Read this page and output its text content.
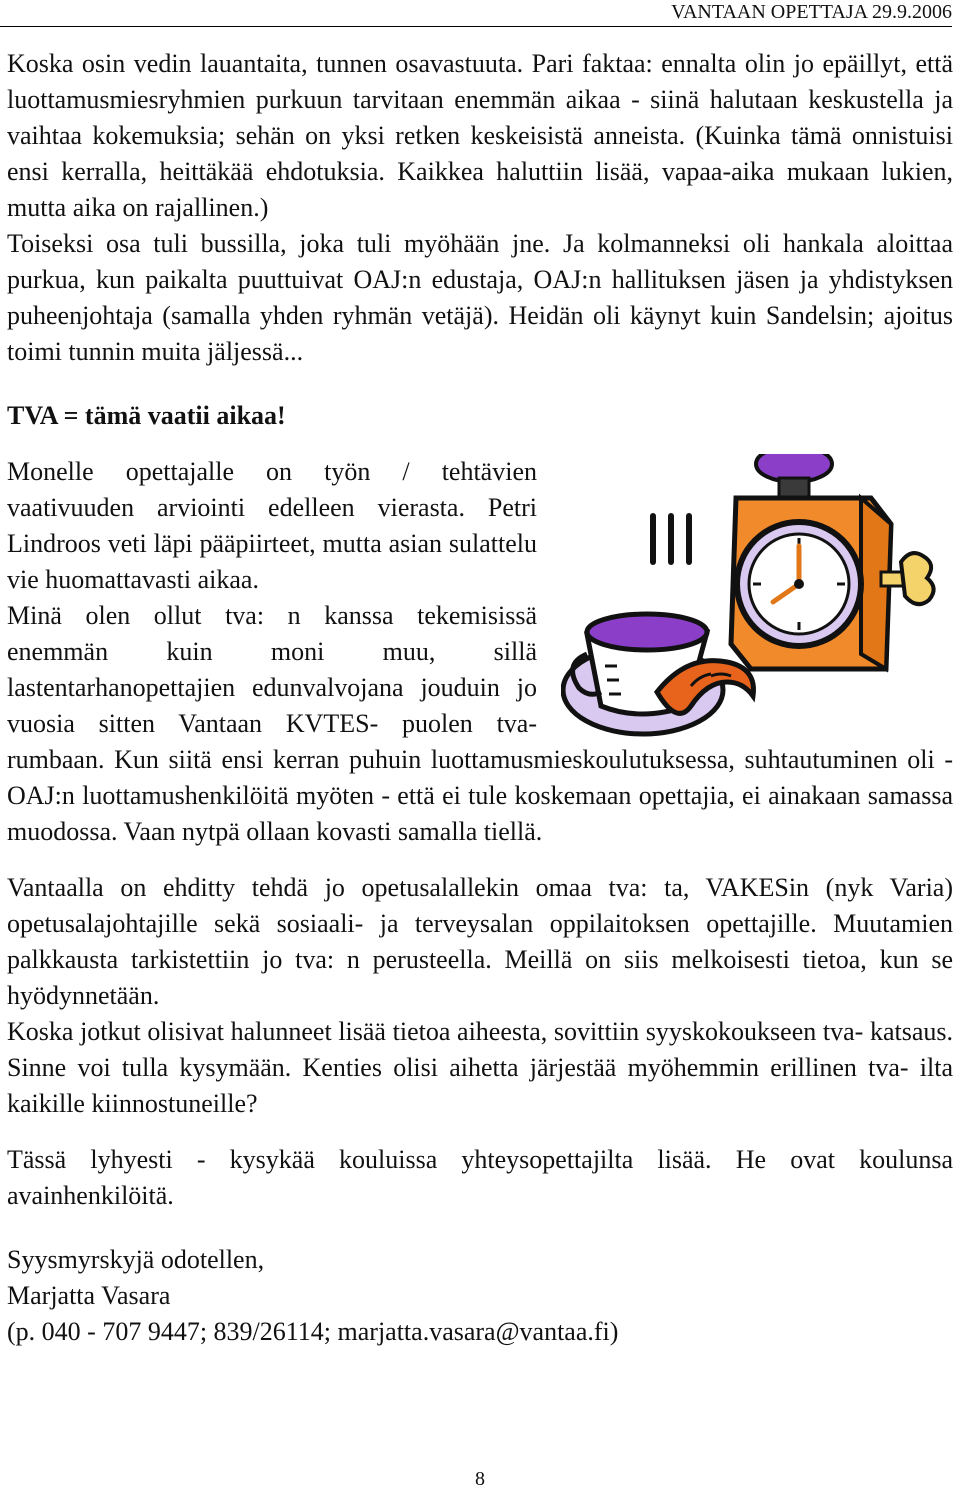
VANTAAN OPETTAJA 29.9.2006

Koska osin vedin lauantaita, tunnen osavastuuta. Pari faktaa: ennalta olin jo epäillyt, että luottamusmiesryhmien purkuun tarvitaan enemmän aikaa - siinä halutaan keskustella ja vaihtaa kokemuksia; sehän on yksi retken keskeisistä anneista. (Kuinka tämä onnistuisi ensi kerralla, heittäkää ehdotuksia. Kaikkea haluttiin lisää, vapaa-aika mukaan lukien, mutta aika on rajallinen.)

Toiseksi osa tuli bussilla, joka tuli myöhään jne. Ja kolmanneksi oli hankala aloittaa purkua, kun paikalta puuttuivat OAJ:n edustaja, OAJ:n hallituksen jäsen ja yhdistyksen puheenjohtaja (samalla yhden ryhmän vetäjä). Heidän oli käynyt kuin Sandelsin; ajoitus toimi tunnin muita jäljessä...

TVA = tämä vaatii aikaa!

Monelle opettajalle on työn / tehtävien vaativuuden arviointi edelleen vierasta. Petri Lindroos veti läpi pääpiirteet, mutta asian sulattelu vie huomattavasti aikaa.

Minä olen ollut tva: n kanssa tekemisissä enemmän kuin moni muu, sillä lastentarhanopettajien edunvalvojana jouduin jo vuosia sitten Vantaan KVTES- puolen tva- rumbaan. Kun siitä ensi kerran puhuin luottamusmieskoulutuksessa, suhtautuminen oli - OAJ:n luottamushenkilöitä myöten - että ei tule koskemaan opettajia, ei ainakaan samassa muodossa. Vaan nytpä ollaan kovasti samalla tiellä.

Vantaalla on ehditty tehdä jo opetusalallekin omaa tva: ta, VAKESin (nyk Varia) opetusalajohtajille sekä sosiaali- ja terveysalan oppilaitoksen opettajille. Muutamien palkkausta tarkistettiin jo tva: n perusteella. Meillä on siis melkoisesti tietoa, kun se hyödynnetään.

Koska jotkut olisivat halunneet lisää tietoa aiheesta, sovittiin syyskokoukseen tva- katsaus. Sinne voi tulla kysymään. Kenties olisi aihetta järjestää myöhemmin erillinen tva- ilta kaikille kiinnostuneille?

Tässä lyhyesti - kysykää kouluissa yhteysopettajilta lisää. He ovat koulunsa avainhenkilöitä.

Syysmyrskyjä odotellen,

Marjatta Vasara

(p. 040 - 707 9447; 839/26114; marjatta.vasara@vantaa.fi)

8
